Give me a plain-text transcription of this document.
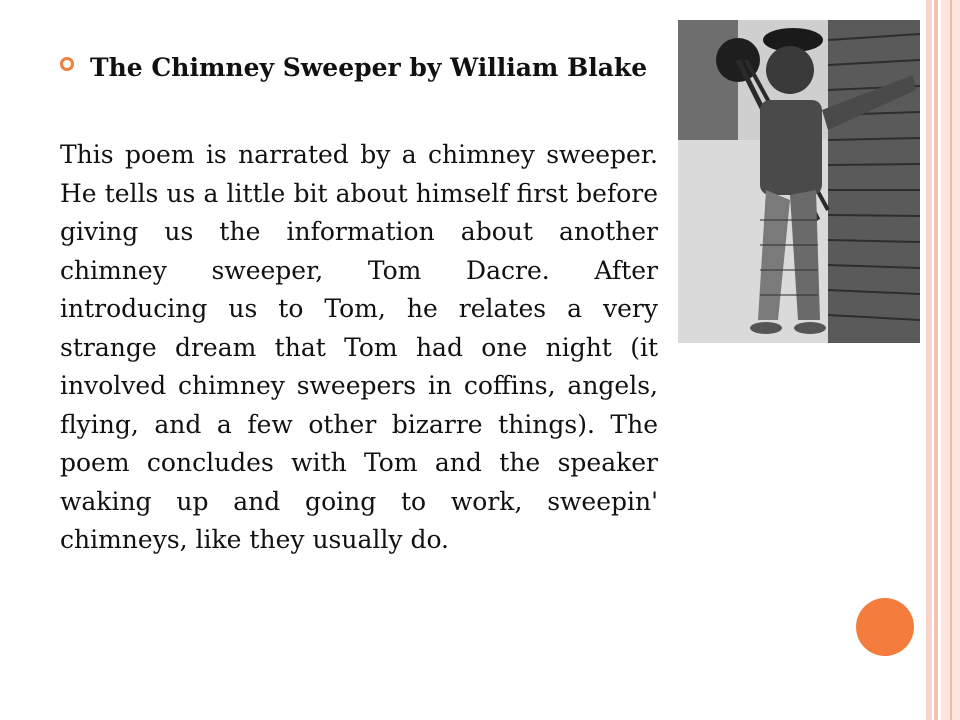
The Chimney Sweeper by William Blake

This poem is narrated by a chimney sweeper. He tells us a little bit about himself first before giving us the information about another chimney sweeper, Tom Dacre. After introducing us to Tom, he relates a very strange dream that Tom had one night (it involved chimney sweepers in coffins, angels, flying, and a few other bizarre things). The poem concludes with Tom and the speaker waking up and going to work, sweepin' chimneys, like they usually do.
